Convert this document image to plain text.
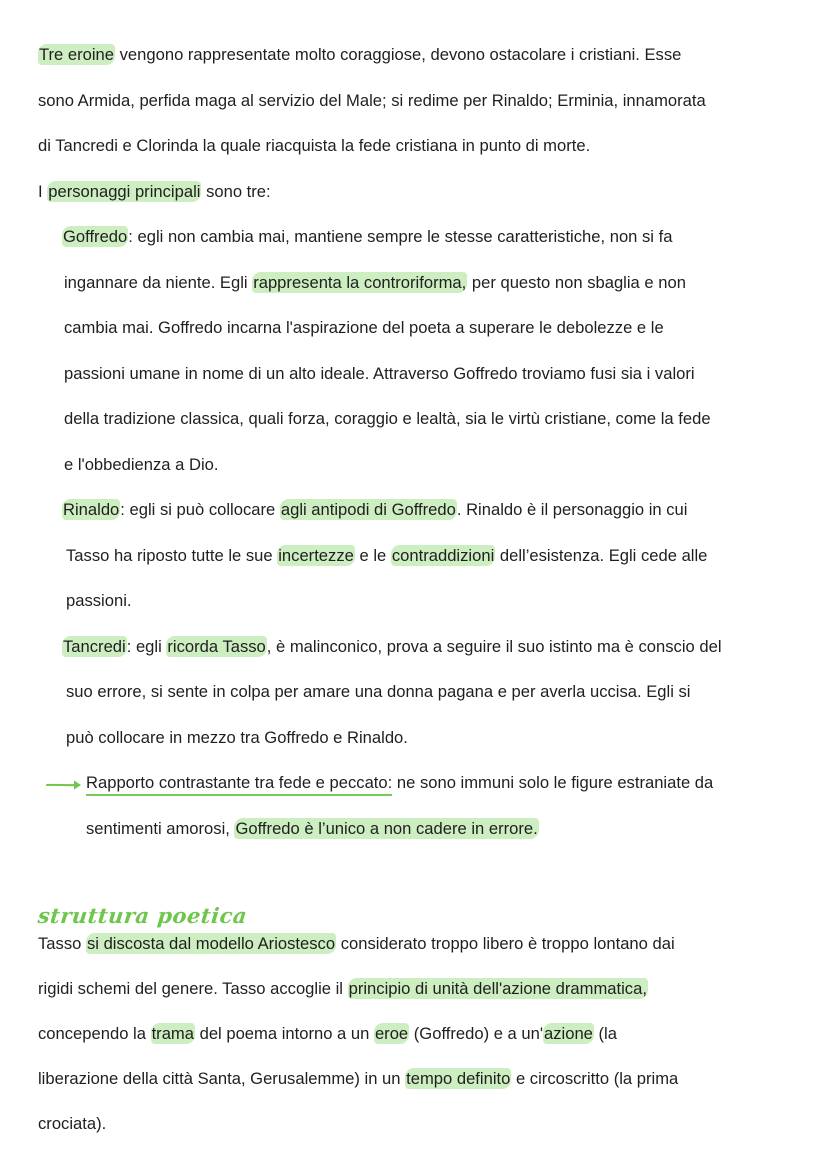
Tre eroine vengono rappresentate molto coraggiose, devono ostacolare i cristiani. Esse
sono Armida, perfida maga al servizio del Male; si redime per Rinaldo; Erminia, innamorata
di Tancredi e Clorinda la quale riacquista la fede cristiana in punto di morte.
I personaggi principali sono tre:
Goffredo: egli non cambia mai, mantiene sempre le stesse caratteristiche, non si fa
ingannare da niente. Egli rappresenta la controriforma, per questo non sbaglia e non
cambia mai. Goffredo incarna l'aspirazione del poeta a superare le debolezze e le
passioni umane in nome di un alto ideale. Attraverso Goffredo troviamo fusi sia i valori
della tradizione classica, quali forza, coraggio e lealtà, sia le virtù cristiane, come la fede
e l'obbedienza a Dio.
Rinaldo: egli si può collocare agli antipodi di Goffredo. Rinaldo è il personaggio in cui
Tasso ha riposto tutte le sue incertezze e le contraddizioni dell’esistenza. Egli cede alle
passioni.
Tancredi: egli ricorda Tasso, è malinconico, prova a seguire il suo istinto ma è conscio del
suo errore, si sente in colpa per amare una donna pagana e per averla uccisa. Egli si
può collocare in mezzo tra Goffredo e Rinaldo.
Rapporto contrastante tra fede e peccato: ne sono immuni solo le figure estraniate da
sentimenti amorosi, Goffredo è l’unico a non cadere in errore.
struttura poetica
Tasso si discosta dal modello Ariostesco considerato troppo libero è troppo lontano dai
rigidi schemi del genere. Tasso accoglie il principio di unità dell'azione drammatica,
concependo la trama del poema intorno a un eroe (Goffredo) e a un'azione (la
liberazione della città Santa, Gerusalemme) in un tempo definito e circoscritto (la prima
crociata).
